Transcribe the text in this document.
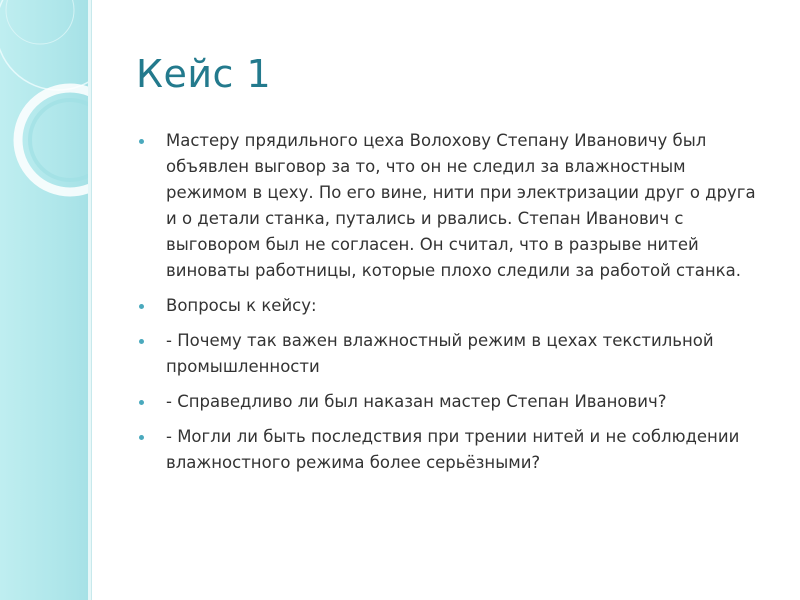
Кейс 1
Мастеру прядильного цеха Волохову Степану Ивановичу был объявлен выговор за то, что он не следил за влажностным режимом в цеху. По его вине, нити при электризации друг о друга и о детали станка, путались и рвались. Степан Иванович с выговором был не согласен. Он считал, что в разрыве нитей виноваты работницы, которые плохо следили за работой станка.
Вопросы к кейсу:
- Почему так важен влажностный режим в цехах текстильной промышленности
- Справедливо ли был наказан мастер Степан Иванович?
- Могли ли быть последствия при трении нитей и не соблюдении влажностного режима более серьёзными?
